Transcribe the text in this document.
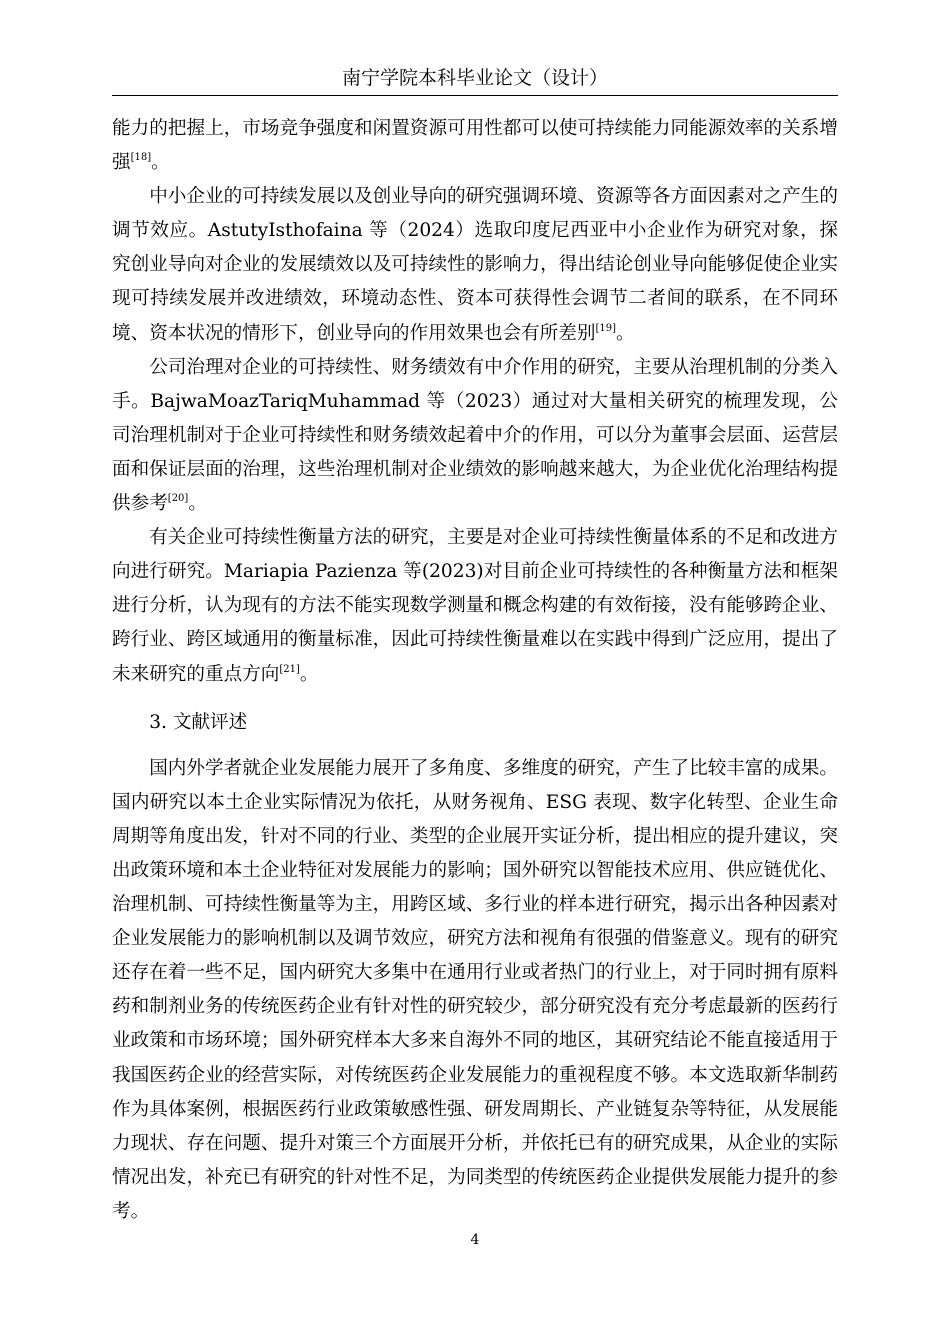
南宁学院本科毕业论文（设计）

能力的把握上，市场竞争强度和闲置资源可用性都可以使可持续能力同能源效率的关系增强[18]。

中小企业的可持续发展以及创业导向的研究强调环境、资源等各方面因素对之产生的调节效应。AstutyIsthofaina 等（2024）选取印度尼西亚中小企业作为研究对象，探究创业导向对企业的发展绩效以及可持续性的影响力，得出结论创业导向能够促使企业实现可持续发展并改进绩效，环境动态性、资本可获得性会调节二者间的联系，在不同环境、资本状况的情形下，创业导向的作用效果也会有所差别[19]。

公司治理对企业的可持续性、财务绩效有中介作用的研究，主要从治理机制的分类入手。BajwaMoazTariqMuhammad 等（2023）通过对大量相关研究的梳理发现，公司治理机制对于企业可持续性和财务绩效起着中介的作用，可以分为董事会层面、运营层面和保证层面的治理，这些治理机制对企业绩效的影响越来越大，为企业优化治理结构提供参考[20]。

有关企业可持续性衡量方法的研究，主要是对企业可持续性衡量体系的不足和改进方向进行研究。Mariapia Pazienza 等(2023)对目前企业可持续性的各种衡量方法和框架进行分析，认为现有的方法不能实现数学测量和概念构建的有效衔接，没有能够跨企业、跨行业、跨区域通用的衡量标准，因此可持续性衡量难以在实践中得到广泛应用，提出了未来研究的重点方向[21]。

3. 文献评述

国内外学者就企业发展能力展开了多角度、多维度的研究，产生了比较丰富的成果。国内研究以本土企业实际情况为依托，从财务视角、ESG 表现、数字化转型、企业生命周期等角度出发，针对不同的行业、类型的企业展开实证分析，提出相应的提升建议，突出政策环境和本土企业特征对发展能力的影响；国外研究以智能技术应用、供应链优化、治理机制、可持续性衡量等为主，用跨区域、多行业的样本进行研究，揭示出各种因素对企业发展能力的影响机制以及调节效应，研究方法和视角有很强的借鉴意义。现有的研究还存在着一些不足，国内研究大多集中在通用行业或者热门的行业上，对于同时拥有原料药和制剂业务的传统医药企业有针对性的研究较少，部分研究没有充分考虑最新的医药行业政策和市场环境；国外研究样本大多来自海外不同的地区，其研究结论不能直接适用于我国医药企业的经营实际，对传统医药企业发展能力的重视程度不够。本文选取新华制药作为具体案例，根据医药行业政策敏感性强、研发周期长、产业链复杂等特征，从发展能力现状、存在问题、提升对策三个方面展开分析，并依托已有的研究成果，从企业的实际情况出发，补充已有研究的针对性不足，为同类型的传统医药企业提供发展能力提升的参考。

4
